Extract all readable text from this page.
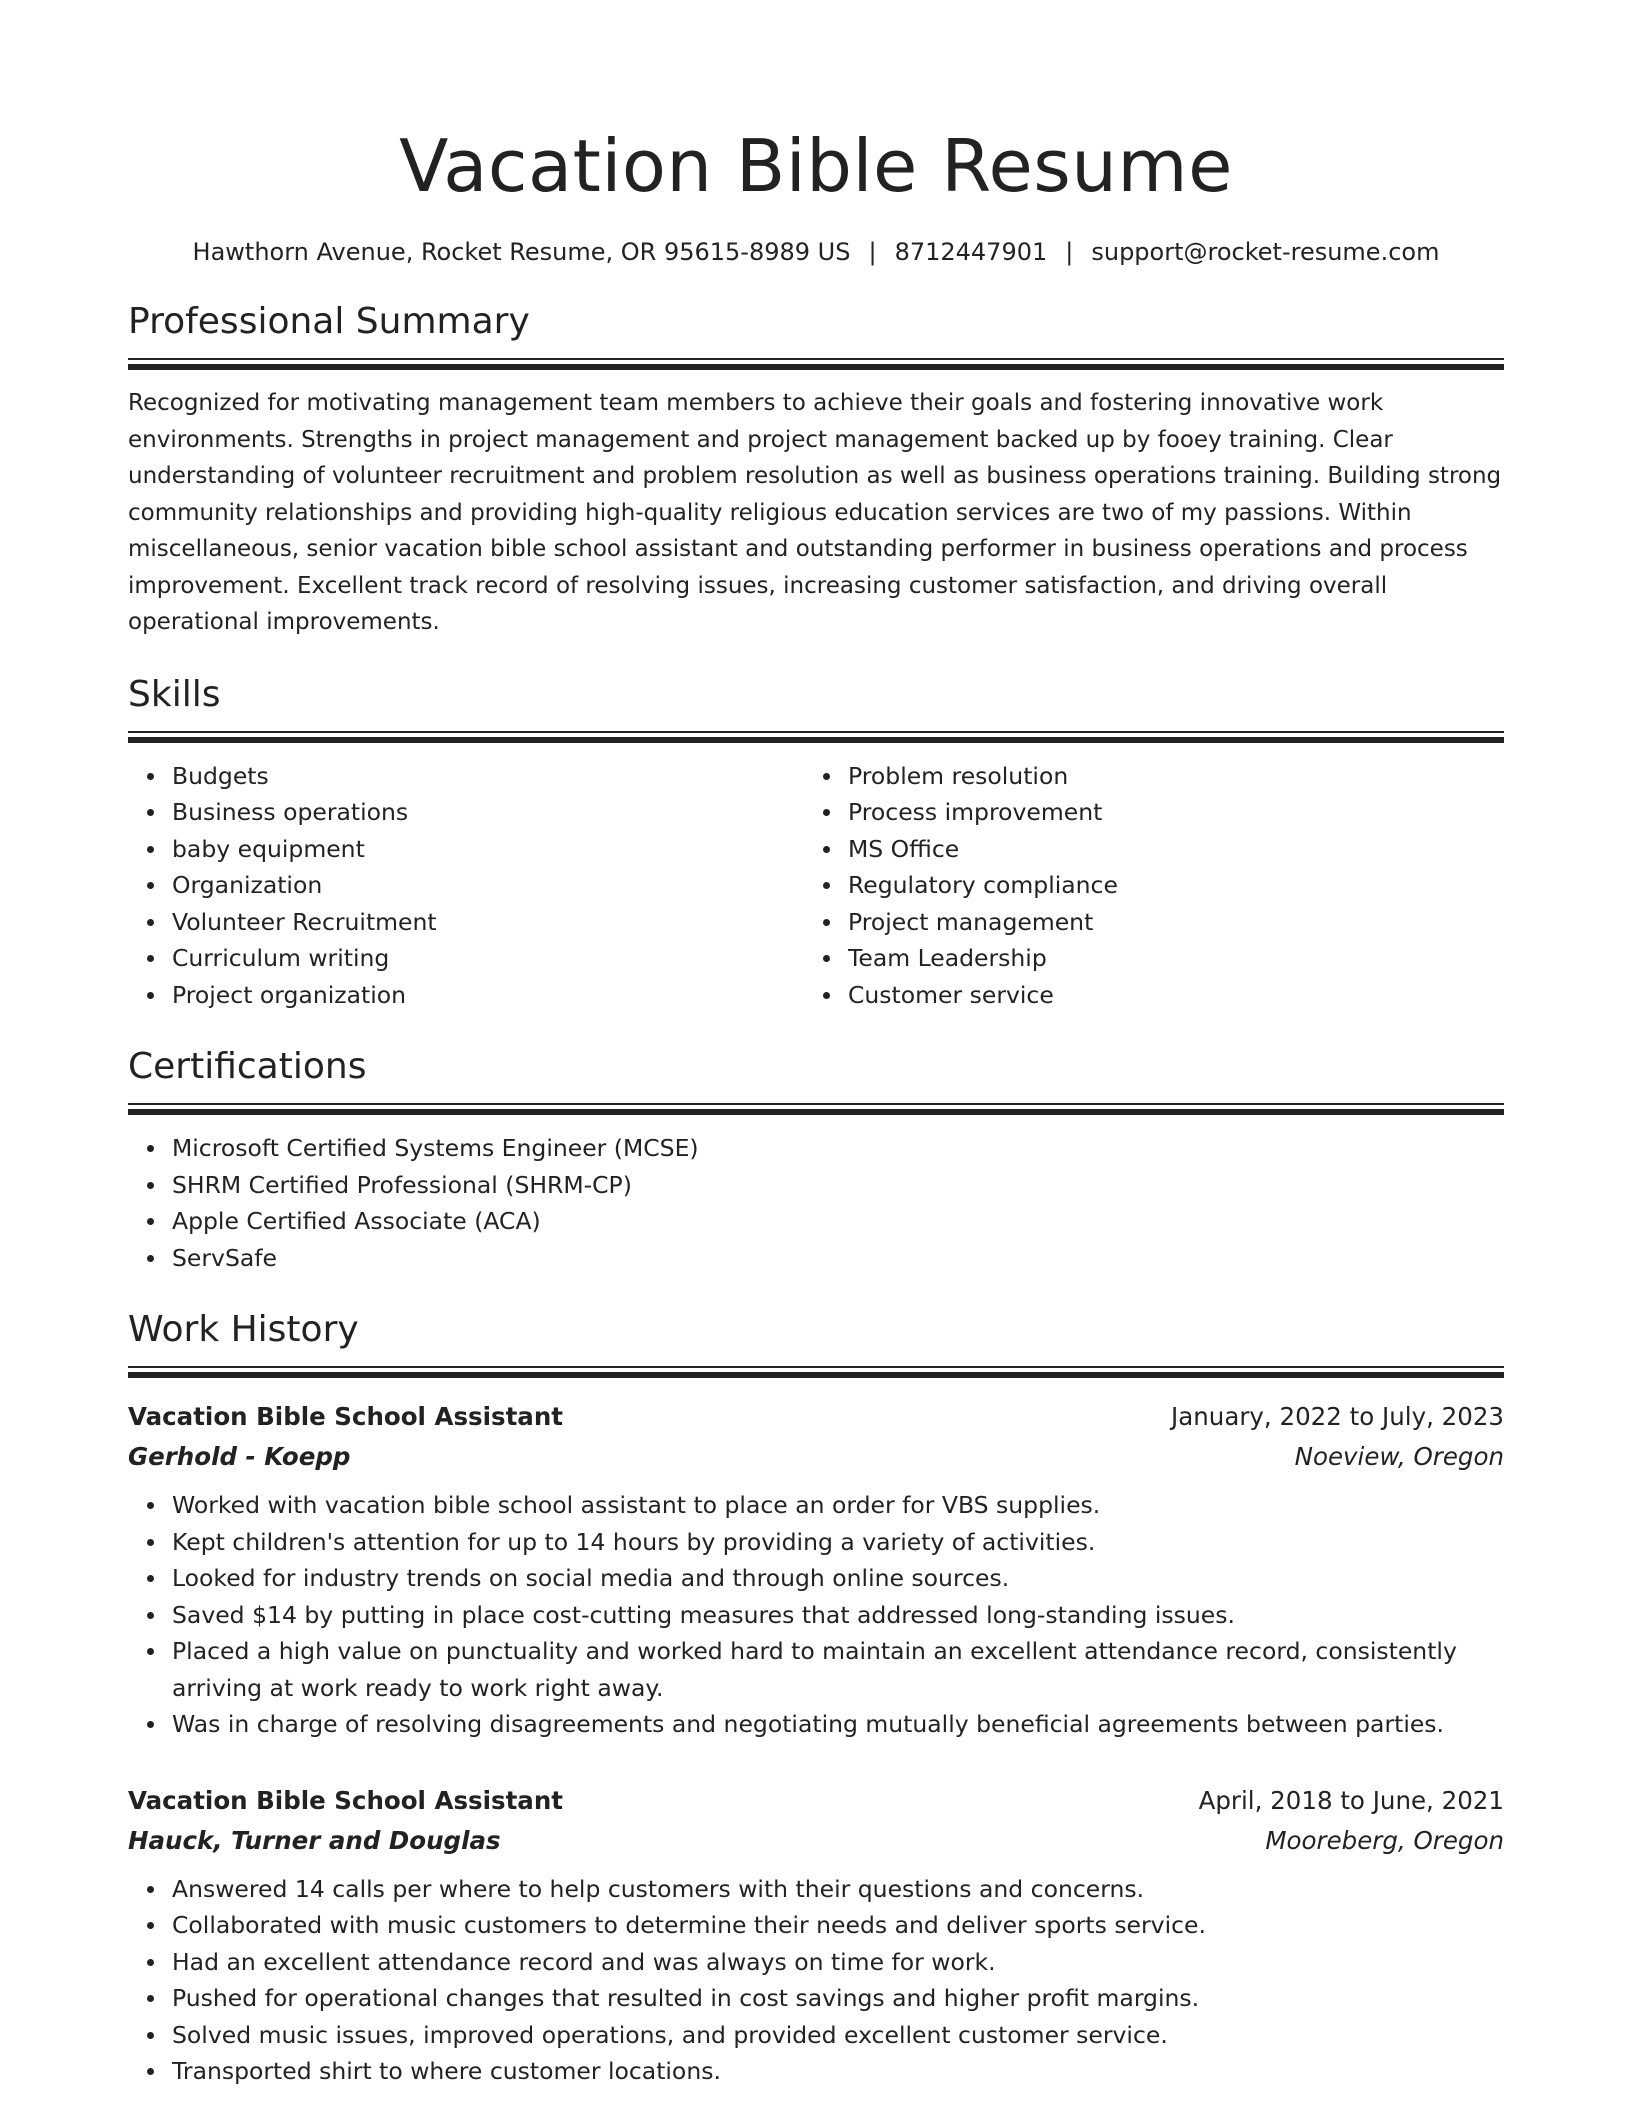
Vacation Bible Resume
Hawthorn Avenue, Rocket Resume, OR 95615-8989 US | 8712447901 | support@rocket-resume.com
Professional Summary

Recognized for motivating management team members to achieve their goals and fostering innovative work environments. Strengths in project management and project management backed up by fooey training. Clear understanding of volunteer recruitment and problem resolution as well as business operations training. Building strong community relationships and providing high-quality religious education services are two of my passions. Within miscellaneous, senior vacation bible school assistant and outstanding performer in business operations and process improvement. Excellent track record of resolving issues, increasing customer satisfaction, and driving overall operational improvements.

Skills
Budgets
Business operations
baby equipment
Organization
Volunteer Recruitment
Curriculum writing
Project organization
Problem resolution
Process improvement
MS Office
Regulatory compliance
Project management
Team Leadership
Customer service
Certifications
Microsoft Certified Systems Engineer (MCSE)
SHRM Certified Professional (SHRM-CP)
Apple Certified Associate (ACA)
ServSafe
Work History
Vacation Bible School Assistant	January, 2022 to July, 2023
Gerhold - Koepp	Noeview, Oregon
Worked with vacation bible school assistant to place an order for VBS supplies.
Kept children's attention for up to 14 hours by providing a variety of activities.
Looked for industry trends on social media and through online sources.
Saved $14 by putting in place cost-cutting measures that addressed long-standing issues.
Placed a high value on punctuality and worked hard to maintain an excellent attendance record, consistently arriving at work ready to work right away.
Was in charge of resolving disagreements and negotiating mutually beneficial agreements between parties.
Vacation Bible School Assistant	April, 2018 to June, 2021
Hauck, Turner and Douglas	Mooreberg, Oregon
Answered 14 calls per where to help customers with their questions and concerns.
Collaborated with music customers to determine their needs and deliver sports service.
Had an excellent attendance record and was always on time for work.
Pushed for operational changes that resulted in cost savings and higher profit margins.
Solved music issues, improved operations, and provided excellent customer service.
Transported shirt to where customer locations.
